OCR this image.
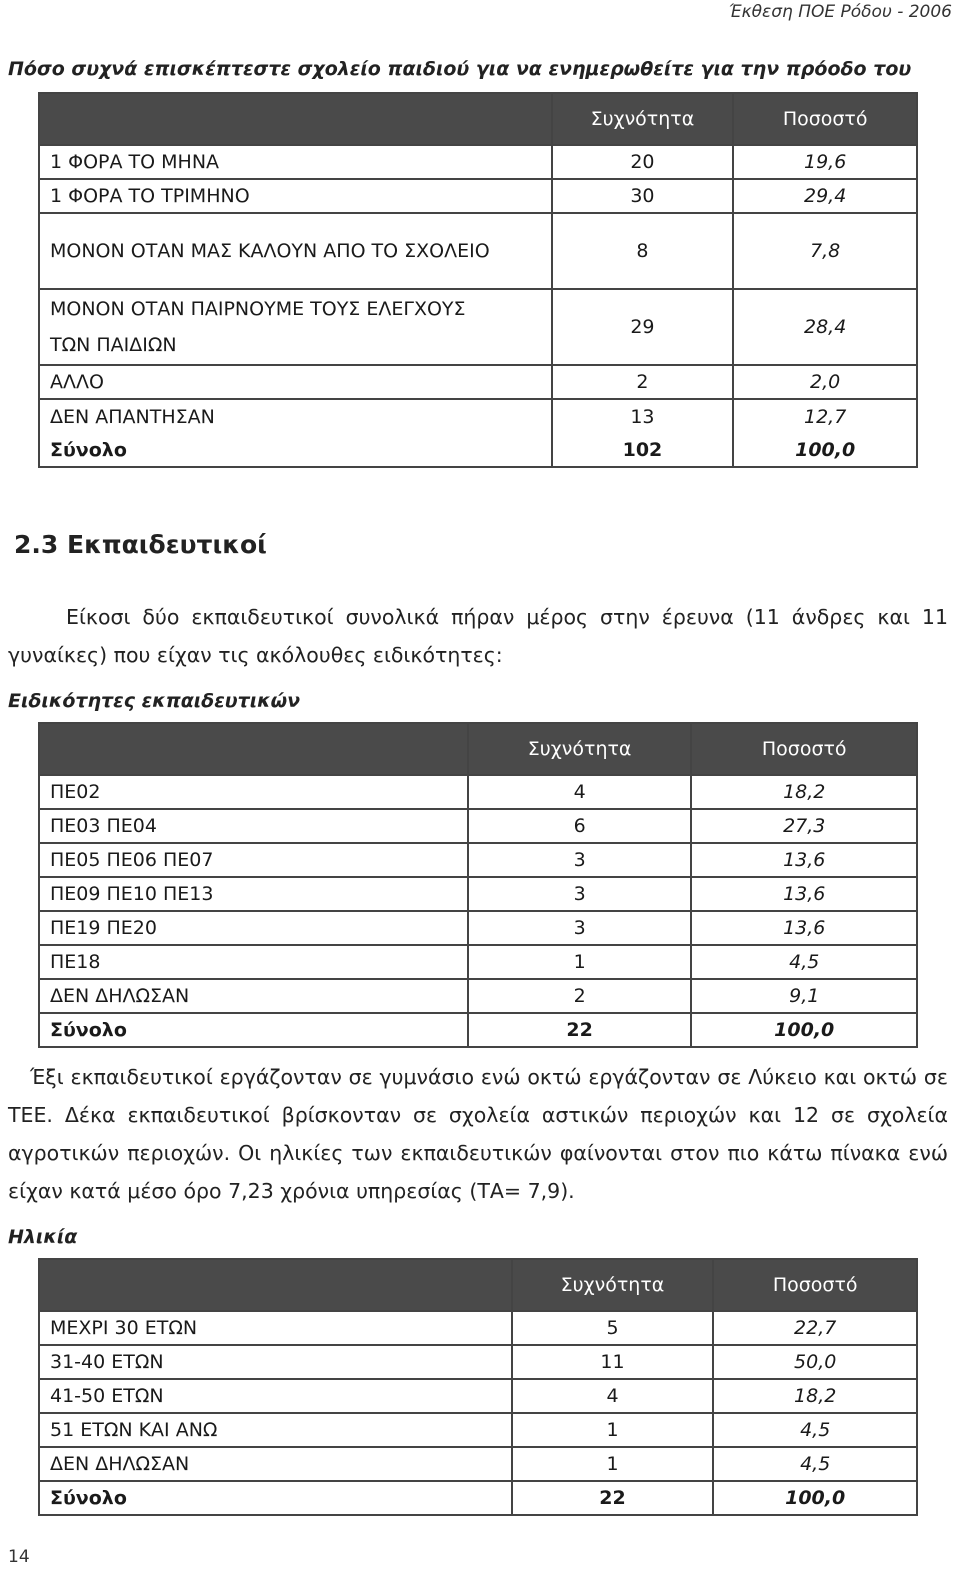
Έκθεση ΠΟΕ Ρόδου - 2006
Πόσο συχνά επισκέπτεστε σχολείο παιδιού για να ενημερωθείτε για την πρόοδο του
	Συχνότητα	Ποσοστό
1 ΦΟΡΑ ΤΟ ΜΗΝΑ	20	19,6
1 ΦΟΡΑ ΤΟ ΤΡΙΜΗΝΟ	30	29,4
ΜΟΝΟΝ ΟΤΑΝ ΜΑΣ ΚΑΛΟΥΝ ΑΠΟ ΤΟ ΣΧΟΛΕΙΟ	8	7,8
ΜΟΝΟΝ ΟΤΑΝ ΠΑΙΡΝΟΥΜΕ ΤΟΥΣ ΕΛΕΓΧΟΥΣ ΤΩΝ ΠΑΙΔΙΩΝ	29	28,4
ΑΛΛΟ	2	2,0
ΔΕΝ ΑΠΑΝΤΗΣΑΝ	13	12,7
Σύνολο	102	100,0
2.3 Εκπαιδευτικοί
Είκοσι δύο εκπαιδευτικοί συνολικά πήραν μέρος στην έρευνα (11 άνδρες και 11 γυναίκες) που είχαν τις ακόλουθες ειδικότητες:
Ειδικότητες εκπαιδευτικών
	Συχνότητα	Ποσοστό
ΠΕ02	4	18,2
ΠΕ03 ΠΕ04	6	27,3
ΠΕ05 ΠΕ06 ΠΕ07	3	13,6
ΠΕ09 ΠΕ10 ΠΕ13	3	13,6
ΠΕ19 ΠΕ20	3	13,6
ΠΕ18	1	4,5
ΔΕΝ ΔΗΛΩΣΑΝ	2	9,1
Σύνολο	22	100,0
Έξι εκπαιδευτικοί εργάζονταν σε γυμνάσιο ενώ οκτώ εργάζονταν σε Λύκειο και οκτώ σε ΤΕΕ. Δέκα εκπαιδευτικοί βρίσκονταν σε σχολεία αστικών περιοχών και 12 σε σχολεία αγροτικών περιοχών. Οι ηλικίες των εκπαιδευτικών φαίνονται στον πιο κάτω πίνακα ενώ είχαν κατά μέσο όρο 7,23 χρόνια υπηρεσίας (ΤΑ= 7,9).
Ηλικία
	Συχνότητα	Ποσοστό
ΜΕΧΡΙ 30 ΕΤΩΝ	5	22,7
31-40 ΕΤΩΝ	11	50,0
41-50 ΕΤΩΝ	4	18,2
51 ΕΤΩΝ ΚΑΙ ΑΝΩ	1	4,5
ΔΕΝ ΔΗΛΩΣΑΝ	1	4,5
Σύνολο	22	100,0
14
